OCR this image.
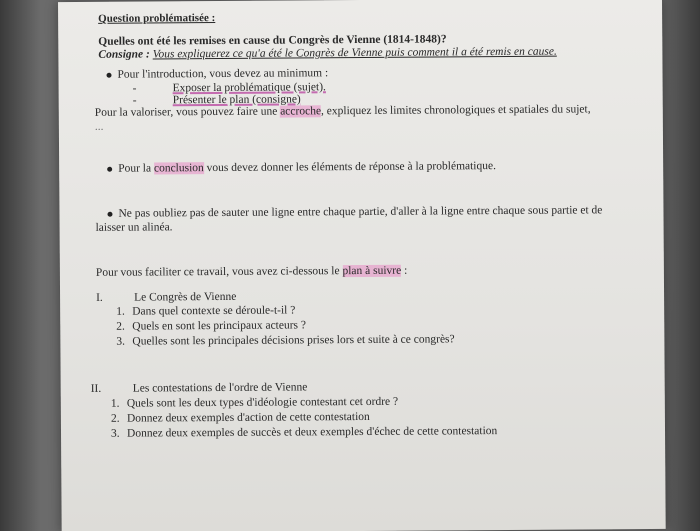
Question problématisée :
Quelles ont été les remises en cause du Congrès de Vienne (1814-1848)?
Consigne : Vous expliquerez ce qu'a été le Congrès de Vienne puis comment il a été remis en cause.
Pour l'introduction, vous devez au minimum :
-	Exposer la problématique (sujet).
-	Présenter le plan (consigne)
Pour la valoriser, vous pouvez faire une accroche, expliquez les limites chronologiques et spatiales du sujet,
...
Pour la conclusion vous devez donner les éléments de réponse à la problématique.
Ne pas oubliez pas de sauter une ligne entre chaque partie, d'aller à la ligne entre chaque sous partie et de
laisser un alinéa.
Pour vous faciliter ce travail, vous avez ci-dessous le plan à suivre :
I.	Le Congrès de Vienne
1. Dans quel contexte se déroule-t-il ?
2. Quels en sont les principaux acteurs ?
3. Quelles sont les principales décisions prises lors et suite à ce congrès?
II.	Les contestations de l'ordre de Vienne
1. Quels sont les deux types d'idéologie contestant cet ordre ?
2. Donnez deux exemples d'action de cette contestation
3. Donnez deux exemples de succès et deux exemples d'échec de cette contestation
